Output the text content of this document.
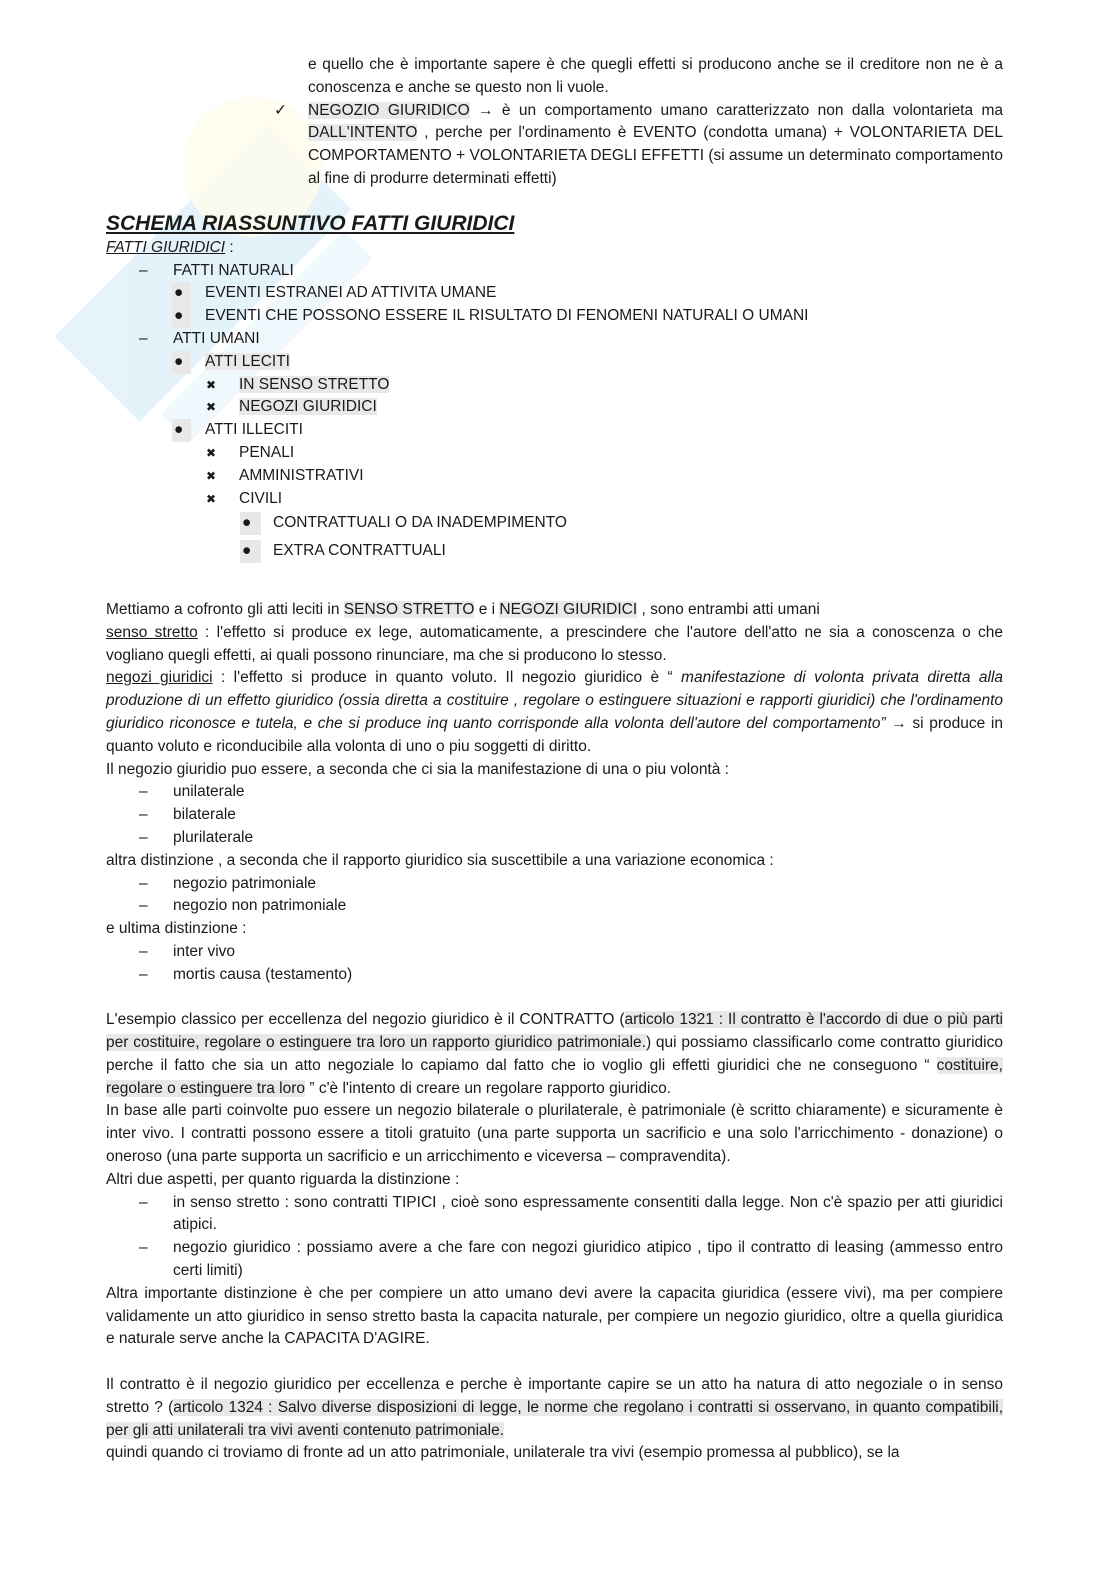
e quello che è importante sapere è che quegli effetti si producono anche se il creditore non ne è a conoscenza e anche se questo non li vuole.

✓ NEGOZIO GIURIDICO → è un comportamento umano caratterizzato non dalla volontarieta ma DALL'INTENTO , perche per l'ordinamento è EVENTO (condotta umana) + VOLONTARIETA DEL COMPORTAMENTO + VOLONTARIETA DEGLI EFFETTI (si assume un determinato comportamento al fine di produrre determinati effetti)

SCHEMA RIASSUNTIVO FATTI GIURIDICI

FATTI GIURIDICI :

– FATTI NATURALI
●	EVENTI ESTRANEI AD ATTIVITA UMANE
●	EVENTI CHE POSSONO ESSERE IL RISULTATO DI FENOMENI NATURALI O UMANI
– ATTI UMANI
●	ATTI LECITI
✖ IN SENSO STRETTO
✖ NEGOZI GIURIDICI
●	ATTI ILLECITI
✖ PENALI
✖ AMMINISTRATIVI
✖ CIVILI
●	CONTRATTUALI O DA INADEMPIMENTO
●	EXTRA CONTRATTUALI

Mettiamo a cofronto gli atti leciti in SENSO STRETTO e i NEGOZI GIURIDICI , sono entrambi atti umani

senso stretto : l'effetto si produce ex lege, automaticamente, a prescindere che l'autore dell'atto ne sia a conoscenza o che vogliano quegli effetti, ai quali possono rinunciare, ma che si producono lo stesso.

negozi giuridici : l'effetto si produce in quanto voluto. Il negozio giuridico è “ manifestazione di volonta privata diretta alla produzione di un effetto giuridico (ossia diretta a costituire , regolare o estinguere situazioni e rapporti giuridici) che l'ordinamento giuridico riconosce e tutela, e che si produce inq uanto corrisponde alla volonta dell'autore del comportamento” → si produce in quanto voluto e riconducibile alla volonta di uno o piu soggetti di diritto.

Il negozio giuridio puo essere, a seconda che ci sia la manifestazione di una o piu volontà :

– unilaterale
– bilaterale
– plurilaterale

altra distinzione , a seconda che il rapporto giuridico sia suscettibile a una variazione economica :

– negozio patrimoniale
– negozio non patrimoniale

e ultima distinzione :

– inter vivo
– mortis causa (testamento)

L'esempio classico per eccellenza del negozio giuridico è il CONTRATTO (articolo 1321 : Il contratto è l'accordo di due o più parti per costituire, regolare o estinguere tra loro un rapporto giuridico patrimoniale.) qui possiamo classificarlo come contratto giuridico perche il fatto che sia un atto negoziale lo capiamo dal fatto che io voglio gli effetti giuridici che ne conseguono “ costituire, regolare o estinguere tra loro ” c'è l'intento di creare un regolare rapporto giuridico.

In base alle parti coinvolte puo essere un negozio bilaterale o plurilaterale, è patrimoniale (è scritto chiaramente) e sicuramente è inter vivo. I contratti possono essere a titoli gratuito (una parte supporta un sacrificio e una solo l'arricchimento - donazione) o oneroso (una parte supporta un sacrificio e un arricchimento e viceversa – compravendita).

Altri due aspetti, per quanto riguarda la distinzione :

– in senso stretto : sono contratti TIPICI , cioè sono espressamente consentiti dalla legge. Non c'è spazio per atti giuridici atipici.

– negozio giuridico : possiamo avere a che fare con negozi giuridico atipico , tipo il contratto di leasing (ammesso entro certi limiti)

Altra importante distinzione è che per compiere un atto umano devi avere la capacita giuridica (essere vivi), ma per compiere validamente un atto giuridico in senso stretto basta la capacita naturale, per compiere un negozio giuridico, oltre a quella giuridica e naturale serve anche la CAPACITA D'AGIRE.

Il contratto è il negozio giuridico per eccellenza e perche è importante capire se un atto ha natura di atto negoziale o in senso stretto ? (articolo 1324 : Salvo diverse disposizioni di legge, le norme che regolano i contratti si osservano, in quanto compatibili, per gli atti unilaterali tra vivi aventi contenuto patrimoniale.

quindi quando ci troviamo di fronte ad un atto patrimoniale, unilaterale tra vivi (esempio promessa al pubblico), se la
